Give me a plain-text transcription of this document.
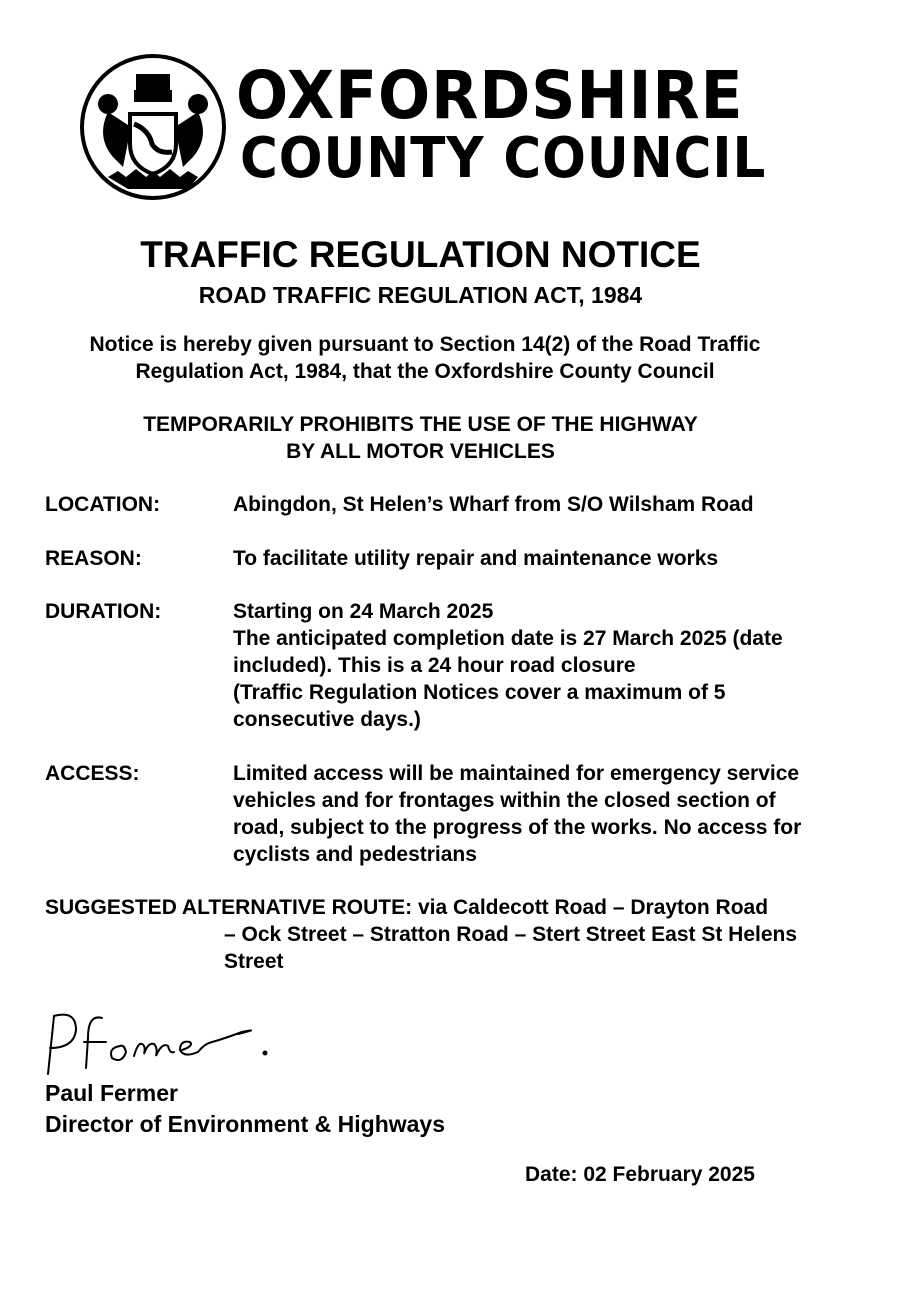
OXFORDSHIRE
COUNTY COUNCIL
TRAFFIC REGULATION NOTICE
ROAD TRAFFIC REGULATION ACT, 1984
Notice is hereby given pursuant to Section 14(2) of the Road Traffic
Regulation Act, 1984, that the Oxfordshire County Council
TEMPORARILY PROHIBITS THE USE OF THE HIGHWAY
BY ALL MOTOR VEHICLES
LOCATION:	Abingdon, St Helen’s Wharf from S/O Wilsham Road
REASON:	To facilitate utility repair and maintenance works
DURATION:	Starting on 24 March 2025
The anticipated completion date is 27 March 2025 (date
included). This is a 24 hour road closure
(Traffic Regulation Notices cover a maximum of 5
consecutive days.)
ACCESS:	Limited access will be maintained for emergency service
vehicles and for frontages within the closed section of
road, subject to the progress of the works. No access for
cyclists and pedestrians
SUGGESTED ALTERNATIVE ROUTE: via Caldecott Road – Drayton Road
– Ock Street – Stratton Road – Stert Street East St Helens
Street
Paul Fermer
Director of Environment & Highways
Date: 02 February 2025
